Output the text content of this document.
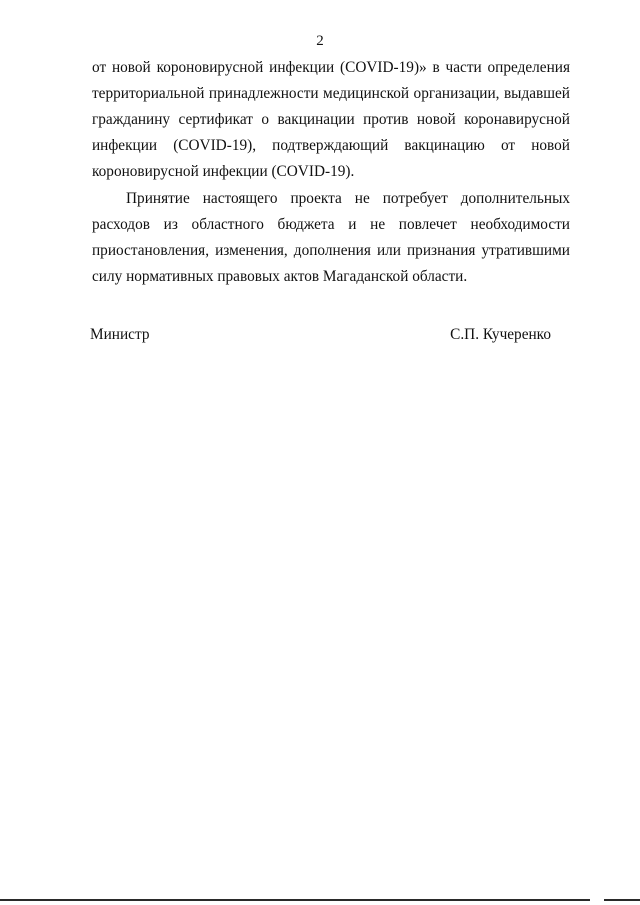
2
от новой короновирусной инфекции (COVID-19)» в части определения
территориальной принадлежности медицинской организации, выдавшей
гражданину сертификат о вакцинации против новой коронавирусной
инфекции (COVID-19), подтверждающий вакцинацию от новой
короновирусной инфекции (COVID-19).
Принятие настоящего проекта не потребует дополнительных
расходов из областного бюджета и не повлечет необходимости
приостановления, изменения, дополнения или признания утратившими
силу нормативных правовых актов Магаданской области.
Министр	С.П. Кучеренко
